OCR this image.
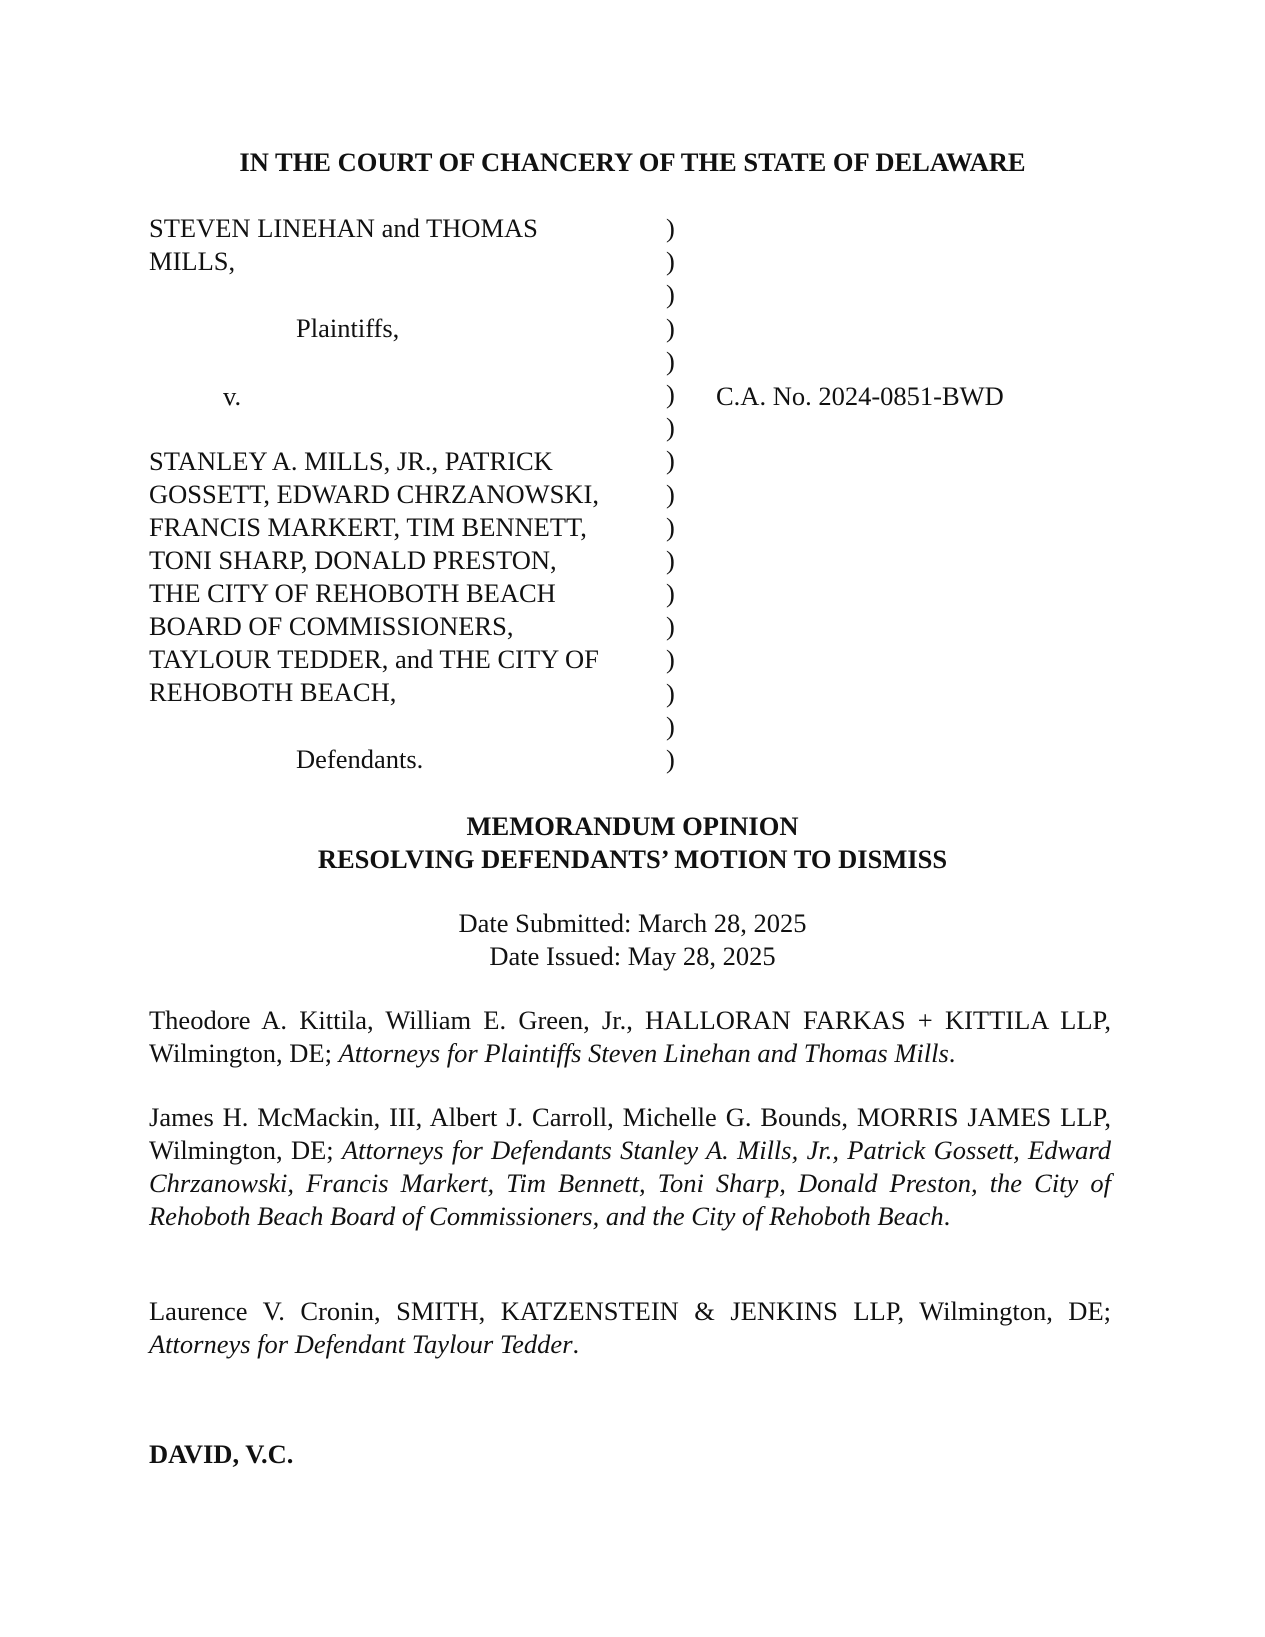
IN THE COURT OF CHANCERY OF THE STATE OF DELAWARE
STEVEN LINEHAN and THOMAS
MILLS,
Plaintiffs,
v.
STANLEY A. MILLS, JR., PATRICK
GOSSETT, EDWARD CHRZANOWSKI,
FRANCIS MARKERT, TIM BENNETT,
TONI SHARP, DONALD PRESTON,
THE CITY OF REHOBOTH BEACH
BOARD OF COMMISSIONERS,
TAYLOUR TEDDER, and THE CITY OF
REHOBOTH BEACH,
Defendants.
)
)
)
)
)
)
)
)
)
)
)
)
)
)
)
)
)
C.A. No. 2024-0851-BWD
MEMORANDUM OPINION
RESOLVING DEFENDANTS’ MOTION TO DISMISS
Date Submitted: March 28, 2025
Date Issued: May 28, 2025
Theodore A. Kittila, William E. Green, Jr., HALLORAN FARKAS + KITTILA LLP, Wilmington, DE; Attorneys for Plaintiffs Steven Linehan and Thomas Mills.
James H. McMackin, III, Albert J. Carroll, Michelle G. Bounds, MORRIS JAMES LLP, Wilmington, DE; Attorneys for Defendants Stanley A. Mills, Jr., Patrick Gossett, Edward Chrzanowski, Francis Markert, Tim Bennett, Toni Sharp, Donald Preston, the City of Rehoboth Beach Board of Commissioners, and the City of Rehoboth Beach.
Laurence V. Cronin, SMITH, KATZENSTEIN & JENKINS LLP, Wilmington, DE; Attorneys for Defendant Taylour Tedder.
DAVID, V.C.
